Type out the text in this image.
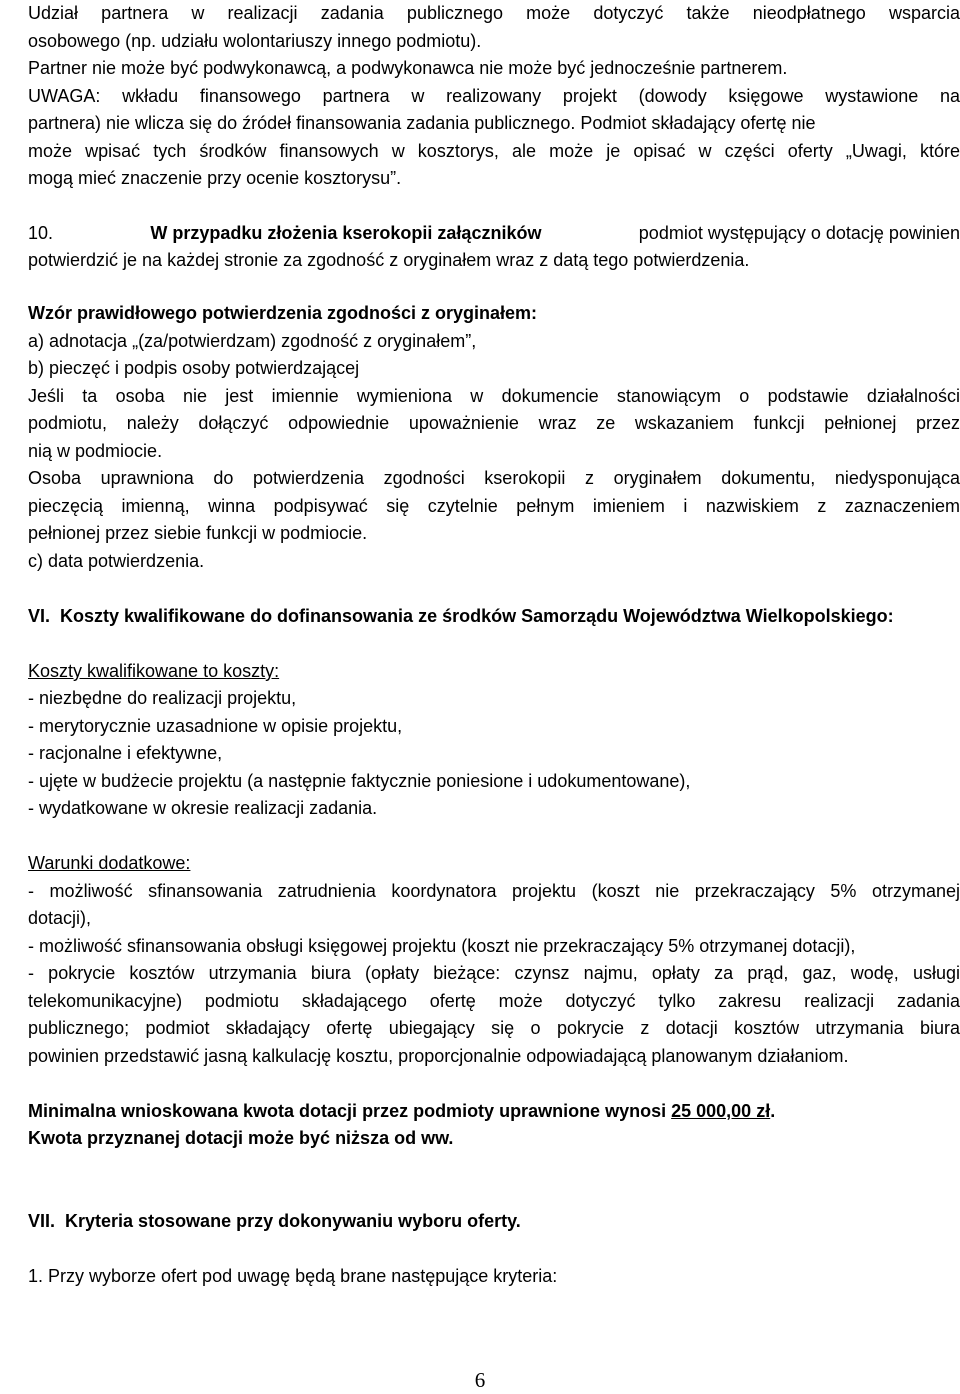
Udział partnera w realizacji zadania publicznego może dotyczyć także nieodpłatnego wsparcia
osobowego (np. udziału wolontariuszy innego podmiotu).
Partner nie może być podwykonawcą, a podwykonawca nie może być jednocześnie partnerem.
UWAGA: wkładu finansowego partnera w realizowany projekt (dowody księgowe wystawione na
partnera) nie wlicza się do źródeł finansowania zadania publicznego. Podmiot składający ofertę nie
może wpisać tych środków finansowych w kosztorys, ale może je opisać w części oferty „Uwagi, które
mogą mieć znaczenie przy ocenie kosztorysu”.
10.	W przypadku złożenia kserokopii załączników	podmiot występujący o dotację powinien
potwierdzić je na każdej stronie za zgodność z oryginałem wraz z datą tego potwierdzenia.
Wzór prawidłowego potwierdzenia zgodności z oryginałem:
a) adnotacja „(za/potwierdzam) zgodność z oryginałem”,
b) pieczęć i podpis osoby potwierdzającej
Jeśli ta osoba nie jest imiennie wymieniona w dokumencie stanowiącym o podstawie działalności
podmiotu, należy dołączyć odpowiednie upoważnienie wraz ze wskazaniem funkcji pełnionej przez
nią w podmiocie.
Osoba uprawniona do potwierdzenia zgodności kserokopii z oryginałem dokumentu, niedysponująca
pieczęcią imienną, winna podpisywać się czytelnie pełnym imieniem i nazwiskiem z zaznaczeniem
pełnionej przez siebie funkcji w podmiocie.
c) data potwierdzenia.
VI. Koszty kwalifikowane do dofinansowania ze środków Samorządu Województwa Wielkopolskiego:
Koszty kwalifikowane to koszty:
- niezbędne do realizacji projektu,
- merytorycznie uzasadnione w opisie projektu,
- racjonalne i efektywne,
- ujęte w budżecie projektu (a następnie faktycznie poniesione i udokumentowane),
- wydatkowane w okresie realizacji zadania.
Warunki dodatkowe:
- możliwość sfinansowania zatrudnienia koordynatora projektu (koszt nie przekraczający 5% otrzymanej
dotacji),
- możliwość sfinansowania obsługi księgowej projektu (koszt nie przekraczający 5% otrzymanej dotacji),
- pokrycie kosztów utrzymania biura (opłaty bieżące: czynsz najmu, opłaty za prąd, gaz, wodę, usługi
telekomunikacyjne) podmiotu składającego ofertę może dotyczyć tylko zakresu realizacji zadania
publicznego; podmiot składający ofertę ubiegający się o pokrycie z dotacji kosztów utrzymania biura
powinien przedstawić jasną kalkulację kosztu, proporcjonalnie odpowiadającą planowanym działaniom.
Minimalna wnioskowana kwota dotacji przez podmioty uprawnione wynosi 25 000,00 zł.
Kwota przyznanej dotacji może być niższa od ww.
VII. Kryteria stosowane przy dokonywaniu wyboru oferty.
1. Przy wyborze ofert pod uwagę będą brane następujące kryteria:
6
